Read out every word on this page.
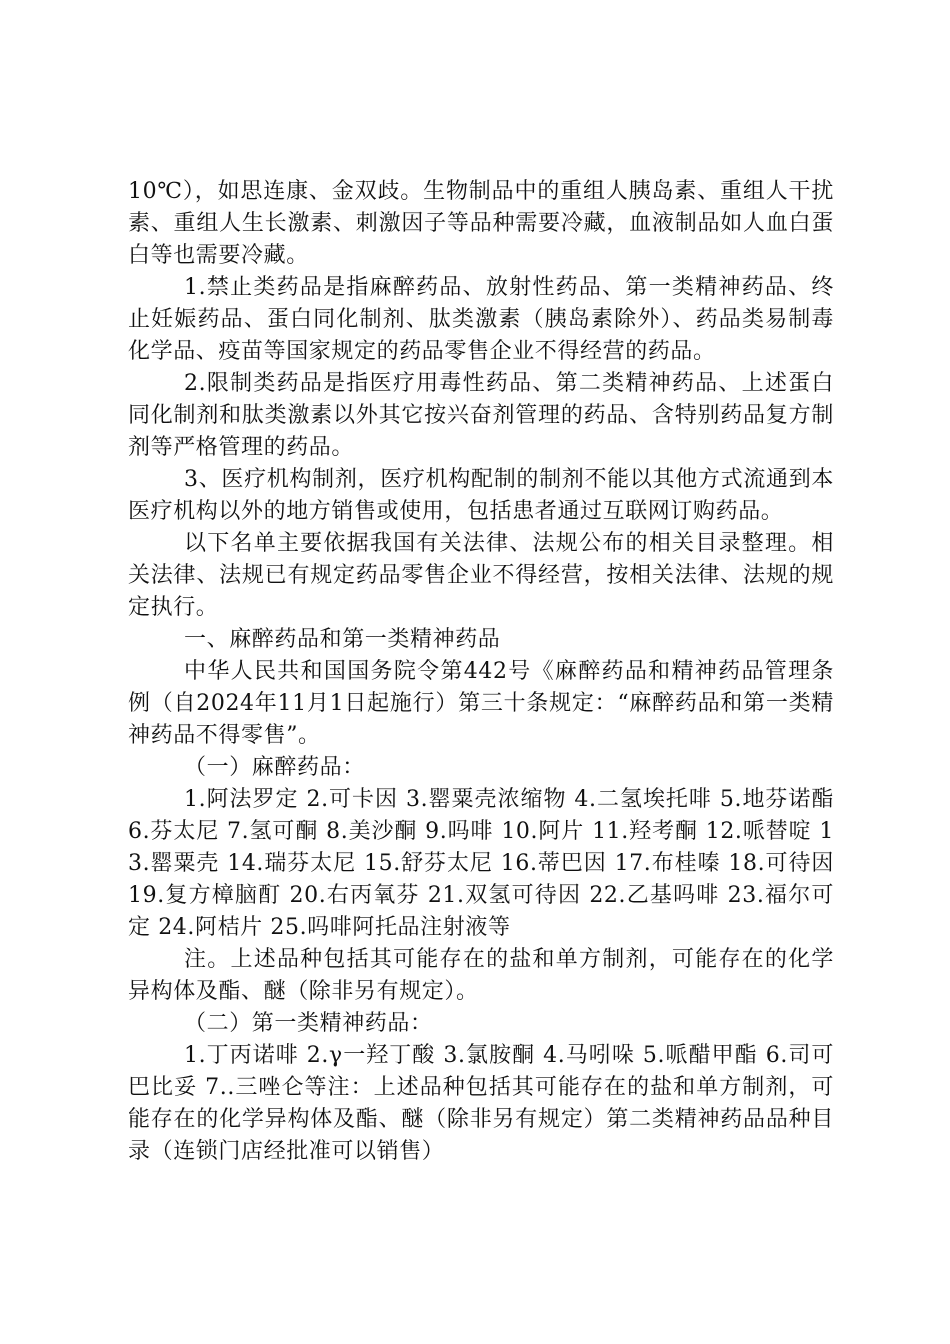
10℃），如思连康、金双歧。生物制品中的重组人胰岛素、重组人干扰素、重组人生长激素、刺激因子等品种需要冷藏，血液制品如人血白蛋白等也需要冷藏。

1.禁止类药品是指麻醉药品、放射性药品、第一类精神药品、终止妊娠药品、蛋白同化制剂、肽类激素（胰岛素除外）、药品类易制毒化学品、疫苗等国家规定的药品零售企业不得经营的药品。

2.限制类药品是指医疗用毒性药品、第二类精神药品、上述蛋白同化制剂和肽类激素以外其它按兴奋剂管理的药品、含特别药品复方制剂等严格管理的药品。

3、医疗机构制剂，医疗机构配制的制剂不能以其他方式流通到本医疗机构以外的地方销售或使用，包括患者通过互联网订购药品。

以下名单主要依据我国有关法律、法规公布的相关目录整理。相关法律、法规已有规定药品零售企业不得经营，按相关法律、法规的规定执行。

一、麻醉药品和第一类精神药品

中华人民共和国国务院令第442号《麻醉药品和精神药品管理条例（自2024年11月1日起施行）第三十条规定：“麻醉药品和第一类精神药品不得零售”。

（一）麻醉药品：

1.阿法罗定 2.可卡因 3.罂粟壳浓缩物 4.二氢埃托啡 5.地芬诺酯 6.芬太尼 7.氢可酮 8.美沙酮 9.吗啡 10.阿片 11.羟考酮 12.哌替啶 13.罂粟壳 14.瑞芬太尼 15.舒芬太尼 16.蒂巴因 17.布桂嗪 18.可待因 19.复方樟脑酊 20.右丙氧芬 21.双氢可待因 22.乙基吗啡 23.福尔可定 24.阿桔片 25.吗啡阿托品注射液等

注。上述品种包括其可能存在的盐和单方制剂，可能存在的化学异构体及酯、醚（除非另有规定）。

（二）第一类精神药品：

1.丁丙诺啡 2.γ一羟丁酸 3.氯胺酮 4.马吲哚 5.哌醋甲酯 6.司可巴比妥 7..三唑仑等注：上述品种包括其可能存在的盐和单方制剂，可能存在的化学异构体及酯、醚（除非另有规定）第二类精神药品品种目录（连锁门店经批准可以销售）
